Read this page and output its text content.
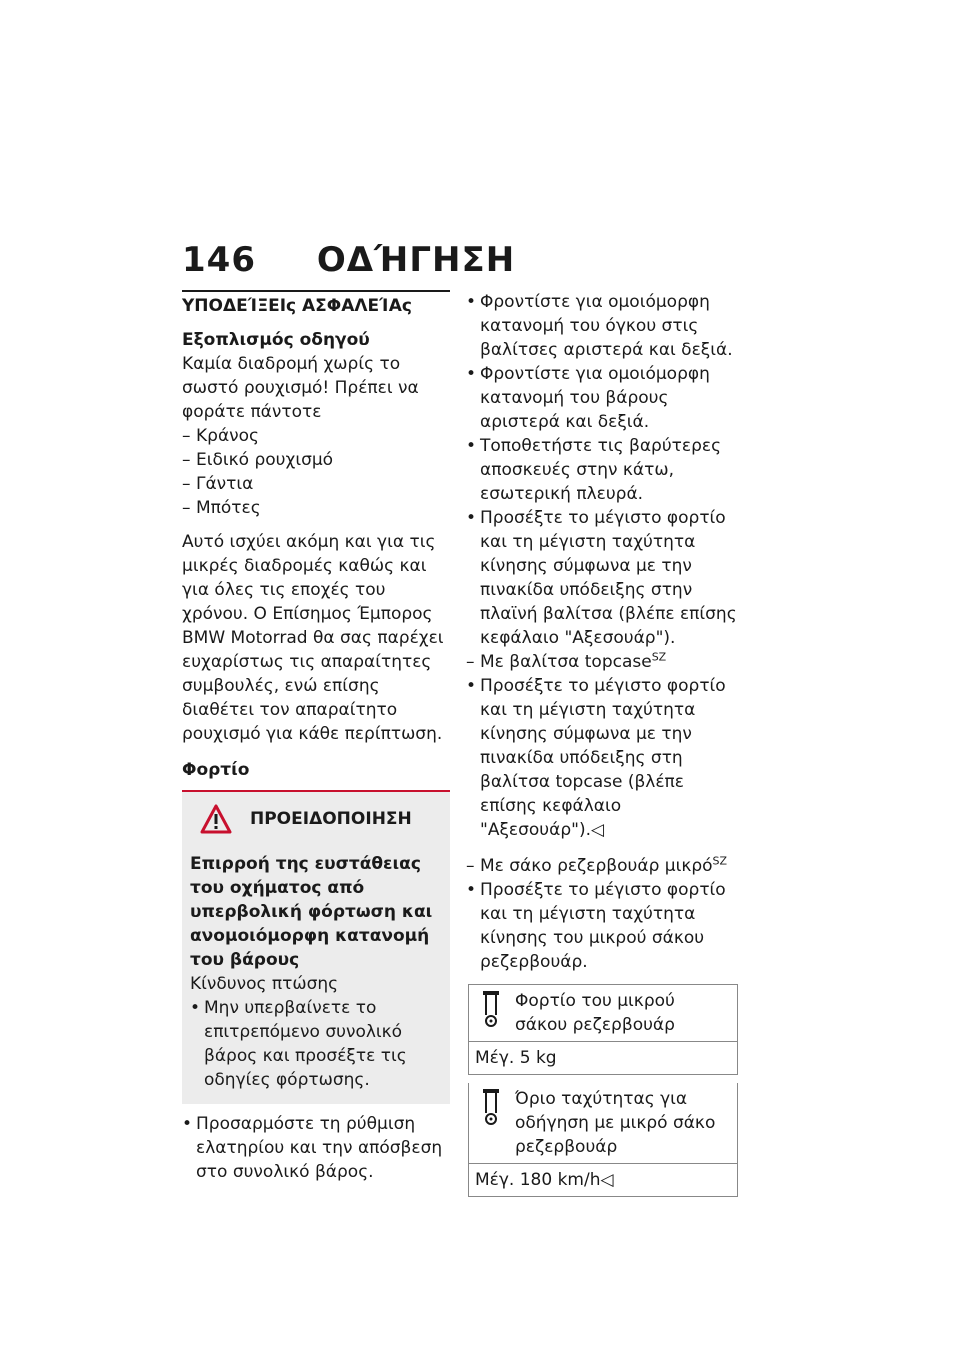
146 ΟΔΉΓΗΣΗ
ΥΠΟΔΕΊΞΕΙς ΑΣΦΑΛΕΊΑς
Εξοπλισμός οδηγού
Καμία διαδρομή χωρίς το σωστό ρουχισμό! Πρέπει να φοράτε πάντοτε
– Κράνος
– Ειδικό ρουχισμό
– Γάντια
– Μπότες
Αυτό ισχύει ακόμη και για τις μικρές διαδρομές καθώς και για όλες τις εποχές του χρόνου. Ο Επίσημος Έμπορος BMW Motorrad θα σας παρέχει ευχαρίστως τις απαραίτητες συμβουλές, ενώ επίσης διαθέτει τον απαραίτητο ρουχισμό για κάθε περίπτωση.
Φορτίο
ΠΡΟΕΙΔΟΠΟΙΗΣΗ
Επιρροή της ευστάθειας του οχήματος από υπερβολική φόρτωση και ανομοιόμορφη κατανομή του βάρους
Κίνδυνος πτώσης
• Μην υπερβαίνετε το επιτρεπόμενο συνολικό βάρος και προσέξτε τις οδηγίες φόρτωσης.
• Προσαρμόστε τη ρύθμιση ελατηρίου και την απόσβεση στο συνολικό βάρος.
• Φροντίστε για ομοιόμορφη κατανομή του όγκου στις βαλίτσες αριστερά και δεξιά.
• Φροντίστε για ομοιόμορφη κατανομή του βάρους αριστερά και δεξιά.
• Τοποθετήστε τις βαρύτερες αποσκευές στην κάτω, εσωτερική πλευρά.
• Προσέξτε το μέγιστο φορτίο και τη μέγιστη ταχύτητα κίνησης σύμφωνα με την πινακίδα υπόδειξης στην πλαϊνή βαλίτσα (βλέπε επίσης κεφάλαιο "Αξεσουάρ").
– Με βαλίτσα topcase$^{SZ}$
• Προσέξτε το μέγιστο φορτίο και τη μέγιστη ταχύτητα κίνησης σύμφωνα με την πινακίδα υπόδειξης στη βαλίτσα topcase (βλέπε επίσης κεφάλαιο "Αξεσουάρ").◁
– Με σάκο ρεζερβουάρ μικρό$^{SZ}$
• Προσέξτε το μέγιστο φορτίο και τη μέγιστη ταχύτητα κίνησης του μικρού σάκου ρεζερβουάρ.
Φορτίο του μικρού σάκου ρεζερβουάρ
Μέγ. 5 kg
Όριο ταχύτητας για οδήγηση με μικρό σάκο ρεζερβουάρ
Μέγ. 180 km/h◁
